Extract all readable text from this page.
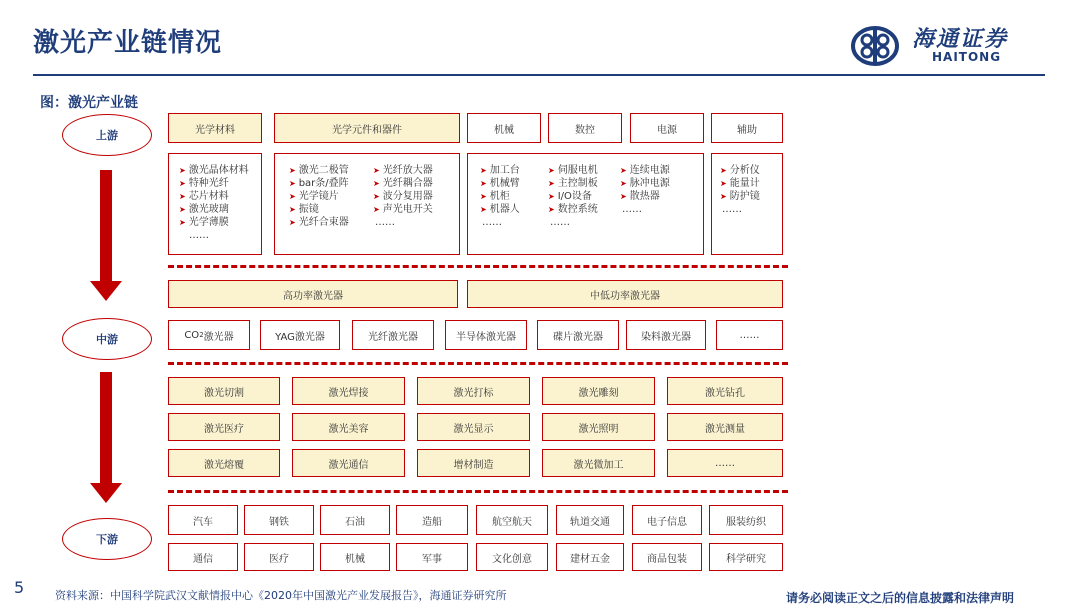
激光产业链情况	海通证券
HAITONG
图：激光产业链
上游
中游
下游
光学材料	光学元件和器件	机械	数控	电源	辅助
➤ 激光晶体材料
➤ 特种光纤
➤ 芯片材料
➤ 激光玻璃
➤ 光学薄膜
……
➤ 激光二极管
➤ bar条/叠阵
➤ 光学镜片
➤ 振镜
➤ 光纤合束器
➤ 光纤放大器
➤ 光纤耦合器
➤ 波分复用器
➤ 声光电开关
……
➤ 加工台
➤ 机械臂
➤ 机柜
➤ 机器人
……
➤ 伺服电机
➤ 主控制板
➤ I/O设备
➤ 数控系统
……
➤ 连续电源
➤ 脉冲电源
➤ 散热器
……
➤ 分析仪
➤ 能量计
➤ 防护镜
……
高功率激光器	中低功率激光器
CO 2 激光器	YAG激光器	光纤激光器	半导体激光器	碟片激光器	染料激光器	……
激光切割	激光焊接	激光打标	激光雕刻	激光钻孔
激光医疗	激光美容	激光显示	激光照明	激光测量
激光熔覆	激光通信	增材制造	激光微加工	……
汽车	钢铁	石油	造船	航空航天	轨道交通	电子信息	服装纺织
通信	医疗	机械	军事	文化创意	建材五金	商品包装	科学研究
5	资料来源：中国科学院武汉文献情报中心《2020年中国激光产业发展报告》，海通证券研究所	请务必阅读正文之后的信息披露和法律声明
